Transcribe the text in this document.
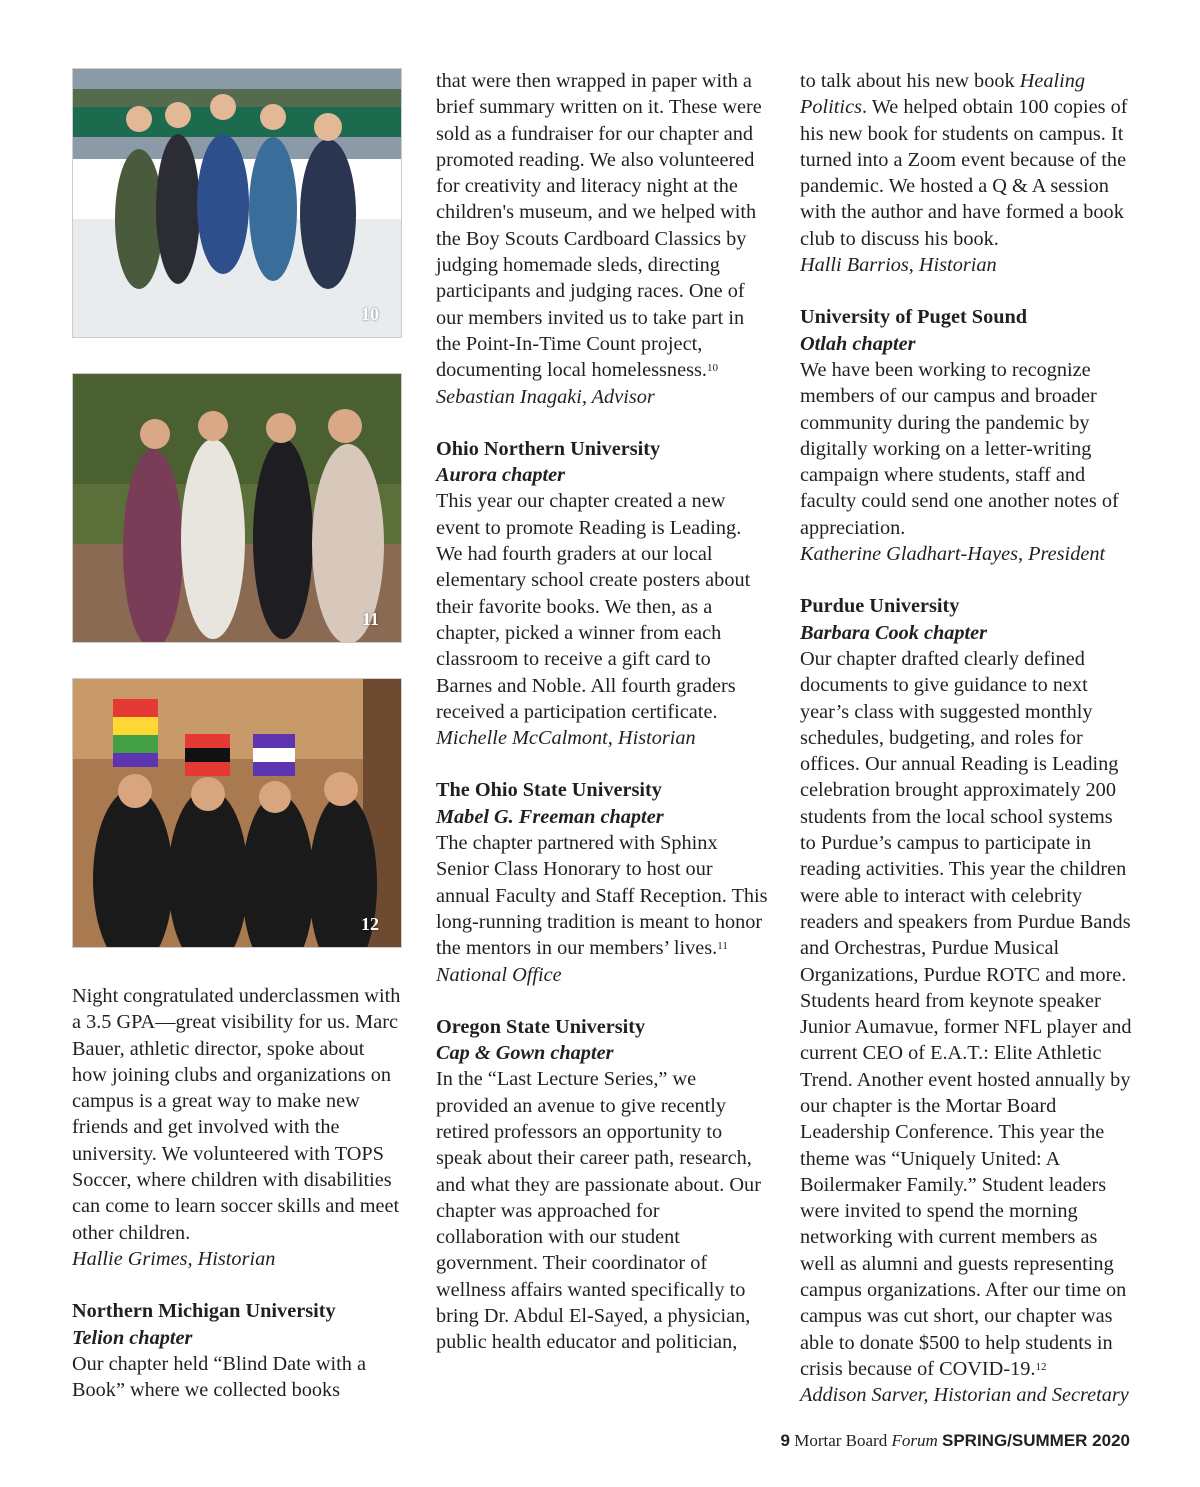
10
11
12

Night congratulated underclassmen with a 3.5 GPA—great visibility for us. Marc Bauer, athletic director, spoke about how joining clubs and organizations on campus is a great way to make new friends and get involved with the university. We volunteered with TOPS Soccer, where children with disabilities can come to learn soccer skills and meet other children.

Hallie Grimes, Historian

Northern Michigan University

Telion chapter

Our chapter held “Blind Date with a Book” where we collected books

that were then wrapped in paper with a brief summary written on it. These were sold as a fundraiser for our chapter and promoted reading. We also volunteered for creativity and literacy night at the children's museum, and we helped with the Boy Scouts Cardboard Classics by judging homemade sleds, directing participants and judging races. One of our members invited us to take part in the Point-In-Time Count project, documenting local homelessness.$^{10}$

Sebastian Inagaki, Advisor

Ohio Northern University

Aurora chapter

This year our chapter created a new event to promote Reading is Leading. We had fourth graders at our local elementary school create posters about their favorite books. We then, as a chapter, picked a winner from each classroom to receive a gift card to Barnes and Noble. All fourth graders received a participation certificate.

Michelle McCalmont, Historian

The Ohio State University

Mabel G. Freeman chapter

The chapter partnered with Sphinx Senior Class Honorary to host our annual Faculty and Staff Reception. This long-running tradition is meant to honor the mentors in our members’ lives.$^{11}$

National Office

Oregon State University

Cap & Gown chapter

In the “Last Lecture Series,” we provided an avenue to give recently retired professors an opportunity to speak about their career path, research, and what they are passionate about. Our chapter was approached for collaboration with our student government. Their coordinator of wellness affairs wanted specifically to bring Dr. Abdul El-Sayed, a physician, public health educator and politician,

to talk about his new book Healing Politics. We helped obtain 100 copies of his new book for students on campus. It turned into a Zoom event because of the pandemic. We hosted a Q & A session with the author and have formed a book club to discuss his book.

Halli Barrios, Historian

University of Puget Sound

Otlah chapter

We have been working to recognize members of our campus and broader community during the pandemic by digitally working on a letter-writing campaign where students, staff and faculty could send one another notes of appreciation.

Katherine Gladhart-Hayes, President

Purdue University

Barbara Cook chapter

Our chapter drafted clearly defined documents to give guidance to next year’s class with suggested monthly schedules, budgeting, and roles for offices. Our annual Reading is Leading celebration brought approximately 200 students from the local school systems to Purdue’s campus to participate in reading activities. This year the children were able to interact with celebrity readers and speakers from Purdue Bands and Orchestras, Purdue Musical Organizations, Purdue ROTC and more. Students heard from keynote speaker Junior Aumavue, former NFL player and current CEO of E.A.T.: Elite Athletic Trend. Another event hosted annually by our chapter is the Mortar Board Leadership Conference. This year the theme was “Uniquely United: A Boilermaker Family.” Student leaders were invited to spend the morning networking with current members as well as alumni and guests representing campus organizations. After our time on campus was cut short, our chapter was able to donate $500 to help students in crisis because of COVID-19.12

Addison Sarver, Historian and Secretary

9 Mortar Board Forum SPRING/SUMMER 2020
